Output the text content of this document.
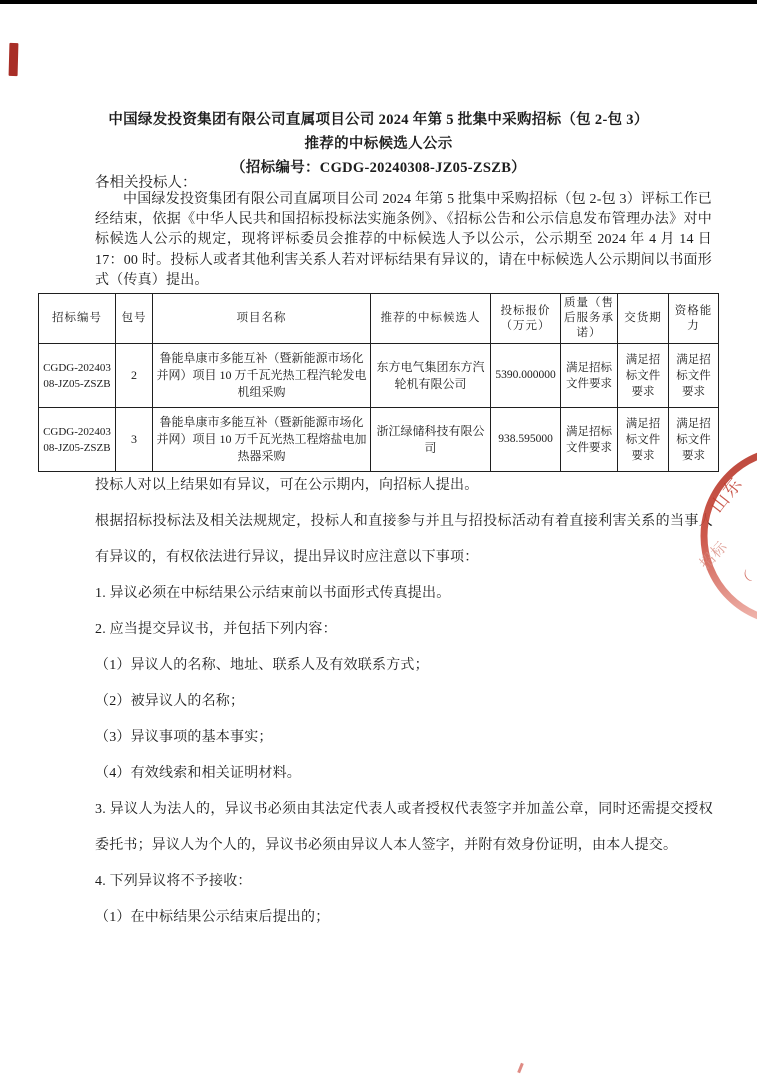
中国绿发投资集团有限公司直属项目公司 2024 年第 5 批集中采购招标（包 2-包 3）
推荐的中标候选人公示
（招标编号：CGDG-20240308-JZ05-ZSZB）
各相关投标人：
中国绿发投资集团有限公司直属项目公司 2024 年第 5 批集中采购招标（包 2-包 3）评标工作已经结束，依据《中华人民共和国招标投标法实施条例》、《招标公告和公示信息发布管理办法》对中标候选人公示的规定，现将评标委员会推荐的中标候选人予以公示，公示期至 2024 年 4 月 14 日 17：00 时。投标人或者其他利害关系人若对评标结果有异议的，请在中标候选人公示期间以书面形式（传真）提出。
招标编号	包号	项目名称	推荐的中标候选人	投标报价（万元）	质量（售后服务承诺）	交货期	资格能力
CGDG-20240308-JZ05-ZSZB	2	鲁能阜康市多能互补（暨新能源市场化并网）项目 10 万千瓦光热工程汽轮发电机组采购	东方电气集团东方汽轮机有限公司	5390.000000	满足招标文件要求	满足招标文件要求	满足招标文件要求
CGDG-20240308-JZ05-ZSZB	3	鲁能阜康市多能互补（暨新能源市场化并网）项目 10 万千瓦光热工程熔盐电加热器采购	浙江绿储科技有限公司	938.595000	满足招标文件要求	满足招标文件要求	满足招标文件要求

投标人对以上结果如有异议，可在公示期内，向招标人提出。

根据招标投标法及相关法规规定，投标人和直接参与并且与招投标活动有着直接利害关系的当事人有异议的，有权依法进行异议，提出异议时应注意以下事项：

1. 异议必须在中标结果公示结束前以书面形式传真提出。

2. 应当提交异议书，并包括下列内容：

（1）异议人的名称、地址、联系人及有效联系方式；

（2）被异议人的名称；

（3）异议事项的基本事实；

（4）有效线索和相关证明材料。

3. 异议人为法人的，异议书必须由其法定代表人或者授权代表签字并加盖公章，同时还需提交授权委托书；异议人为个人的，异议书必须由异议人本人签字，并附有效身份证明，由本人提交。

4. 下列异议将不予接收：

（1）在中标结果公示结束后提出的；

山东
招标
（
